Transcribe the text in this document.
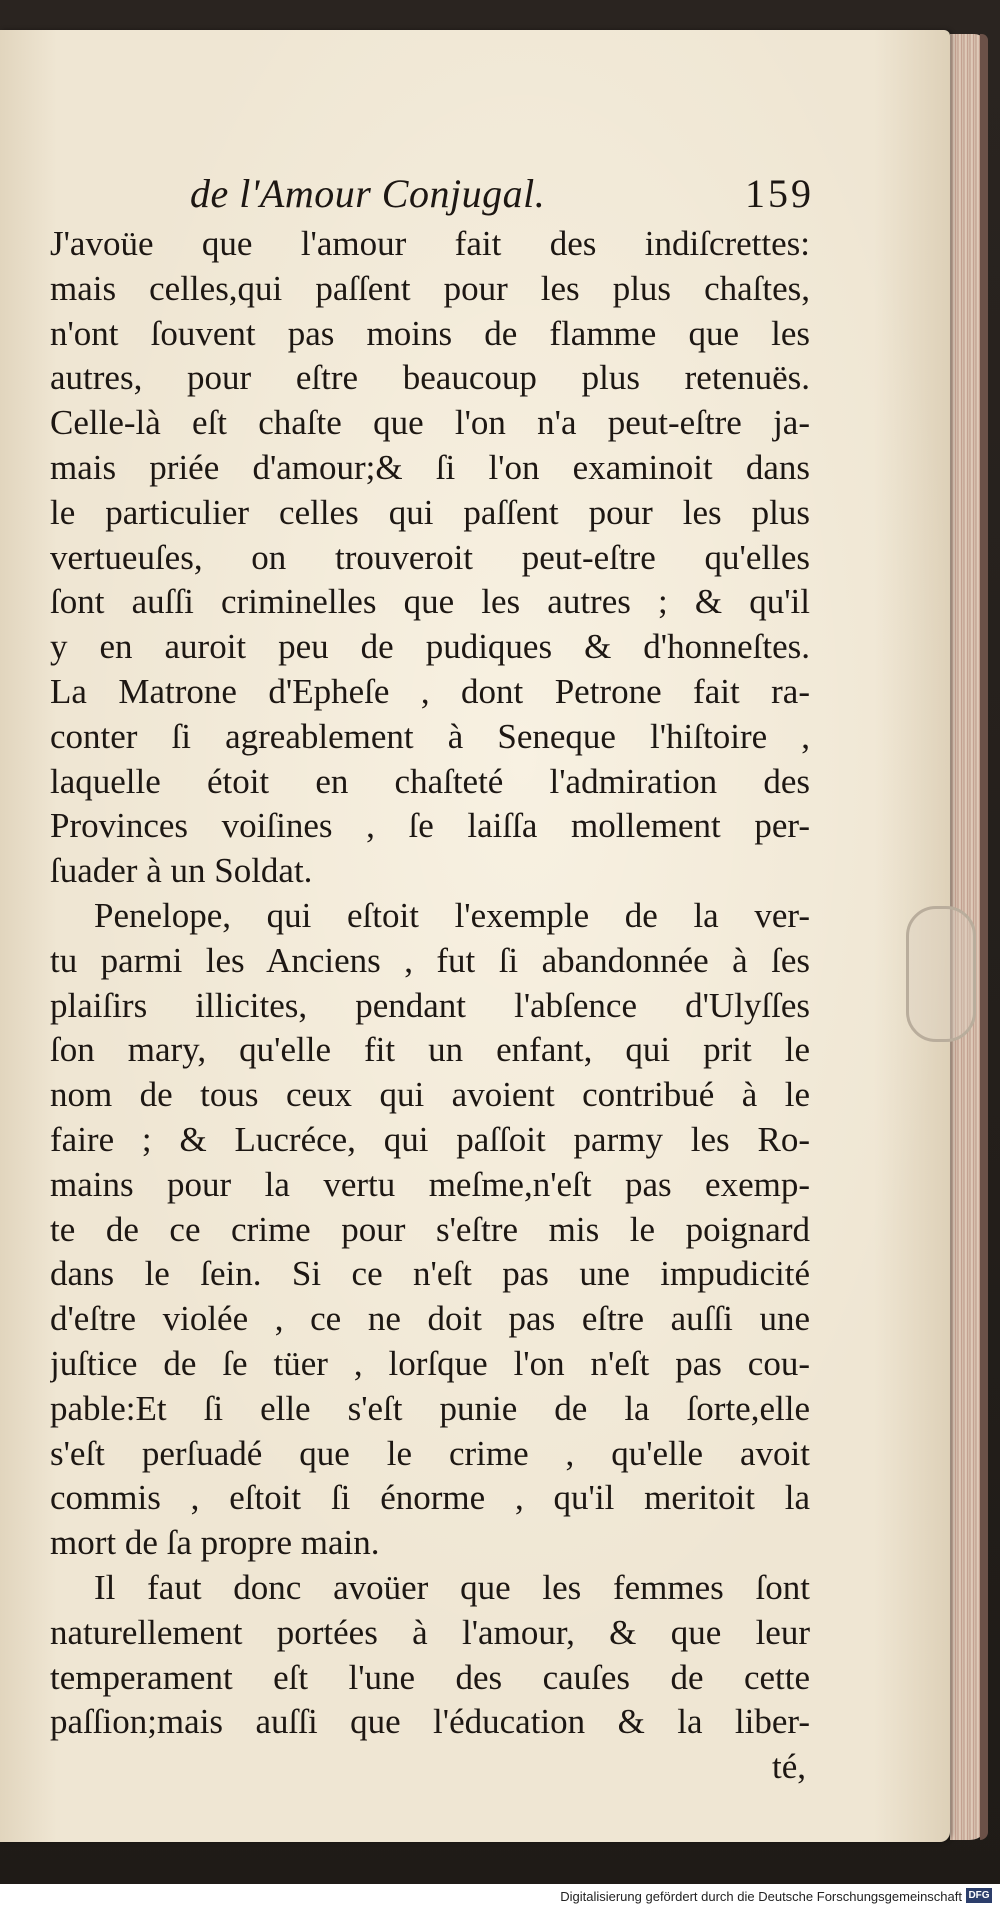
de l'Amour Conjugal.	159
J'avoüe que l'amour fait des indiſcrettes:
mais celles,qui paſſent pour les plus chaſtes,
n'ont ſouvent pas moins de flamme que les
autres, pour eſtre beaucoup plus retenuës.
Celle-là eſt chaſte que l'on n'a peut-eſtre ja-
mais priée d'amour;& ſi l'on examinoit dans
le particulier celles qui paſſent pour les plus
vertueuſes, on trouveroit peut-eſtre qu'elles
ſont auſſi criminelles que les autres ; & qu'il
y en auroit peu de pudiques & d'honneſtes.
La Matrone d'Epheſe , dont Petrone fait ra-
conter ſi agreablement à Seneque l'hiſtoire ,
laquelle étoit en chaſteté l'admiration des
Provinces voiſines , ſe laiſſa mollement per-
ſuader à un Soldat.
Penelope, qui eſtoit l'exemple de la ver-
tu parmi les Anciens , fut ſi abandonnée à ſes
plaiſirs illicites, pendant l'abſence d'Ulyſſes
ſon mary, qu'elle fit un enfant, qui prit le
nom de tous ceux qui avoient contribué à le
faire ; & Lucréce, qui paſſoit parmy les Ro-
mains pour la vertu meſme,n'eſt pas exemp-
te de ce crime pour s'eſtre mis le poignard
dans le ſein. Si ce n'eſt pas une impudicité
d'eſtre violée , ce ne doit pas eſtre auſſi une
juſtice de ſe tüer , lorſque l'on n'eſt pas cou-
pable:Et ſi elle s'eſt punie de la ſorte,elle
s'eſt perſuadé que le crime , qu'elle avoit
commis , eſtoit ſi énorme , qu'il meritoit la
mort de ſa propre main.
Il faut donc avoüer que les femmes ſont
naturellement portées à l'amour, & que leur
temperament eſt l'une des cauſes de cette
paſſion;mais auſſi que l'éducation & la liber-
té,
Digitalisierung gefördert durch die Deutsche Forschungsgemeinschaft DFG
